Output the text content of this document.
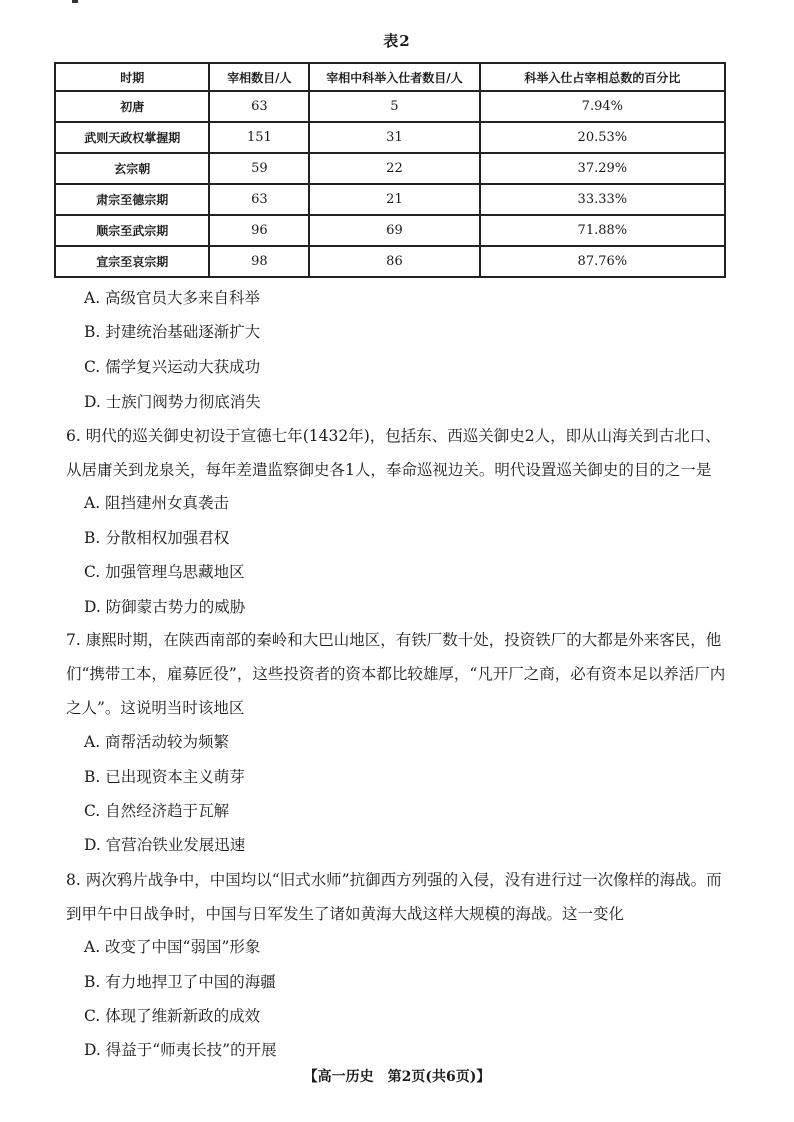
表2
时期	宰相数目/人	宰相中科举入仕者数目/人	科举入仕占宰相总数的百分比
初唐	63	5	7.94%
武则天政权掌握期	151	31	20.53%
玄宗朝	59	22	37.29%
肃宗至德宗期	63	21	33.33%
顺宗至武宗期	96	69	71.88%
宣宗至哀宗期	98	86	87.76%
A. 高级官员大多来自科举
B. 封建统治基础逐渐扩大
C. 儒学复兴运动大获成功
D. 士族门阀势力彻底消失
6. 明代的巡关御史初设于宣德七年(1432年)，包括东、西巡关御史2人，即从山海关到古北口、从居庸关到龙泉关，每年差遣监察御史各1人，奉命巡视边关。明代设置巡关御史的目的之一是
A. 阻挡建州女真袭击
B. 分散相权加强君权
C. 加强管理乌思藏地区
D. 防御蒙古势力的威胁
7. 康熙时期，在陕西南部的秦岭和大巴山地区，有铁厂数十处，投资铁厂的大都是外来客民，他们“携带工本，雇募匠役”，这些投资者的资本都比较雄厚，“凡开厂之商，必有资本足以养活厂内之人”。这说明当时该地区
A. 商帮活动较为频繁
B. 已出现资本主义萌芽
C. 自然经济趋于瓦解
D. 官营冶铁业发展迅速
8. 两次鸦片战争中，中国均以“旧式水师”抗御西方列强的入侵，没有进行过一次像样的海战。而到甲午中日战争时，中国与日军发生了诸如黄海大战这样大规模的海战。这一变化
A. 改变了中国“弱国”形象
B. 有力地捍卫了中国的海疆
C. 体现了维新新政的成效
D. 得益于“师夷长技”的开展
【高一历史　第2页(共6页)】
